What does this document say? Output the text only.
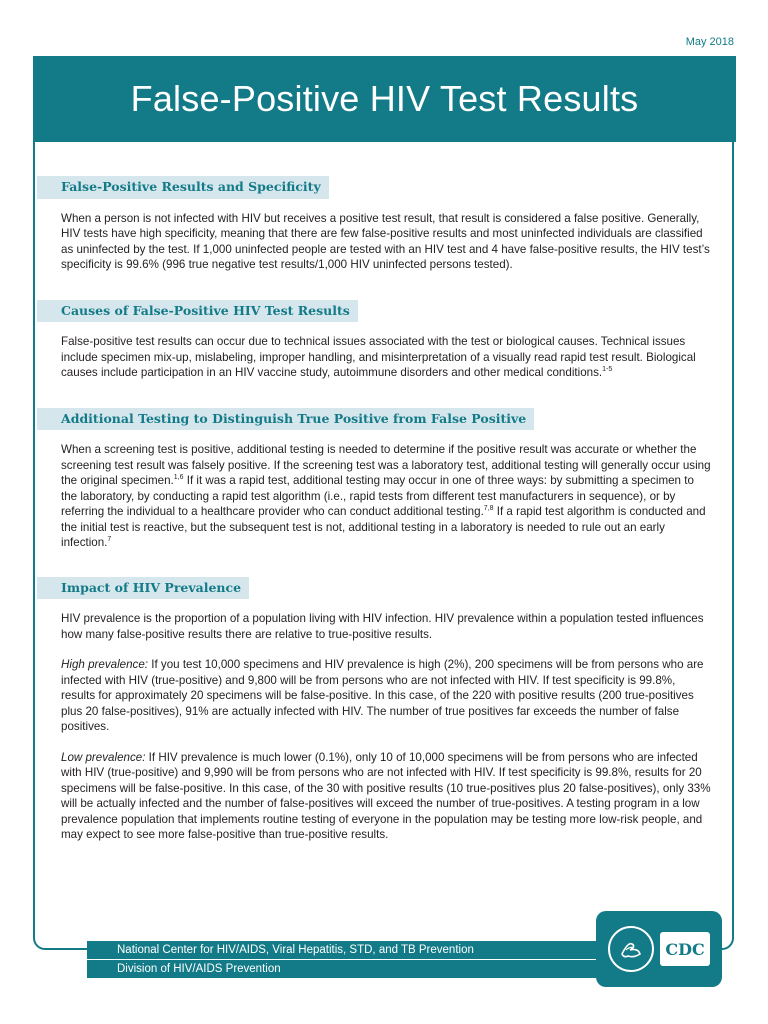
May 2018
False-Positive HIV Test Results
False-Positive Results and Specificity

When a person is not infected with HIV but receives a positive test result, that result is considered a false positive. Generally, HIV tests have high specificity, meaning that there are few false-positive results and most uninfected individuals are classified as uninfected by the test. If 1,000 uninfected people are tested with an HIV test and 4 have false-positive results, the HIV test’s specificity is 99.6% (996 true negative test results/1,000 HIV uninfected persons tested).

Causes of False-Positive HIV Test Results

False-positive test results can occur due to technical issues associated with the test or biological causes. Technical issues include specimen mix-up, mislabeling, improper handling, and misinterpretation of a visually read rapid test result. Biological causes include participation in an HIV vaccine study, autoimmune disorders and other medical conditions.$^{1-5}$

Additional Testing to Distinguish True Positive from False Positive

When a screening test is positive, additional testing is needed to determine if the positive result was accurate or whether the screening test result was falsely positive. If the screening test was a laboratory test, additional testing will generally occur using the original specimen.$^{1,6}$ If it was a rapid test, additional testing may occur in one of three ways: by submitting a specimen to the laboratory, by conducting a rapid test algorithm (i.e., rapid tests from different test manufacturers in sequence), or by referring the individual to a healthcare provider who can conduct additional testing.$^{7,8}$ If a rapid test algorithm is conducted and the initial test is reactive, but the subsequent test is not, additional testing in a laboratory is needed to rule out an early infection.$^7$

Impact of HIV Prevalence

HIV prevalence is the proportion of a population living with HIV infection. HIV prevalence within a population tested influences how many false-positive results there are relative to true-positive results.

High prevalence: If you test 10,000 specimens and HIV prevalence is high (2%), 200 specimens will be from persons who are infected with HIV (true-positive) and 9,800 will be from persons who are not infected with HIV. If test specificity is 99.8%, results for approximately 20 specimens will be false-positive. In this case, of the 220 with positive results (200 true-positives plus 20 false-positives), 91% are actually infected with HIV. The number of true positives far exceeds the number of false positives.

Low prevalence: If HIV prevalence is much lower (0.1%), only 10 of 10,000 specimens will be from persons who are infected with HIV (true-positive) and 9,990 will be from persons who are not infected with HIV. If test specificity is 99.8%, results for 20 specimens will be false-positive. In this case, of the 30 with positive results (10 true-positives plus 20 false-positives), only 33% will be actually infected and the number of false-positives will exceed the number of true-positives. A testing program in a low prevalence population that implements routine testing of everyone in the population may be testing more low-risk people, and may expect to see more false-positive than true-positive results.

National Center for HIV/AIDS, Viral Hepatitis, STD, and TB Prevention
Division of HIV/AIDS Prevention
CDC
